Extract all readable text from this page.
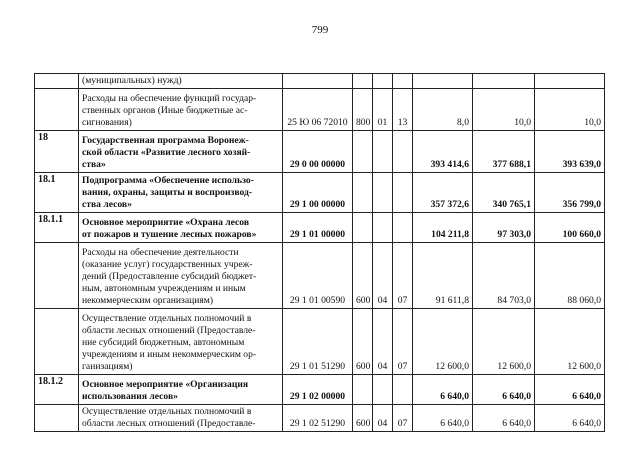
799

	(муниципальных) нужд)							

	Расходы на обеспечение функций государ-
ственных органов (Иные бюджетные ас-
сигнования)	25 Ю 06 72010	800	01	13	8,0	10,0	10,0
18	Государственная программа Воронеж-
ской области «Развитие лесного хозяй-
ства»	29 0 00 00000				393 414,6	377 688,1	393 639,0
18.1	Подпрограмма «Обеспечение использо-
вания, охраны, защиты и воспроизвод-
ства лесов»	29 1 00 00000				357 372,6	340 765,1	356 799,0
18.1.1	Основное мероприятие «Охрана лесов
от пожаров и тушение лесных пожаров»	29 1 01 00000				104 211,8	97 303,0	100 660,0

	Расходы на обеспечение деятельности
(оказание услуг) государственных учреж-
дений (Предоставление субсидий бюджет-
ным, автономным учреждениям и иным
некоммерческим организациям)	29 1 01 00590	600	04	07	91 611,8	84 703,0	88 060,0

	Осуществление отдельных полномочий в
области лесных отношений (Предоставле-
ние субсидий бюджетным, автономным
учреждениям и иным некоммерческим ор-
ганизациям)	29 1 01 51290	600	04	07	12 600,0	12 600,0	12 600,0
18.1.2	Основное мероприятие «Организация
использования лесов»	29 1 02 00000				6 640,0	6 640,0	6 640,0

	Осуществление отдельных полномочий в
области лесных отношений (Предоставле-	29 1 02 51290	600	04	07	6 640,0	6 640,0	6 640,0
